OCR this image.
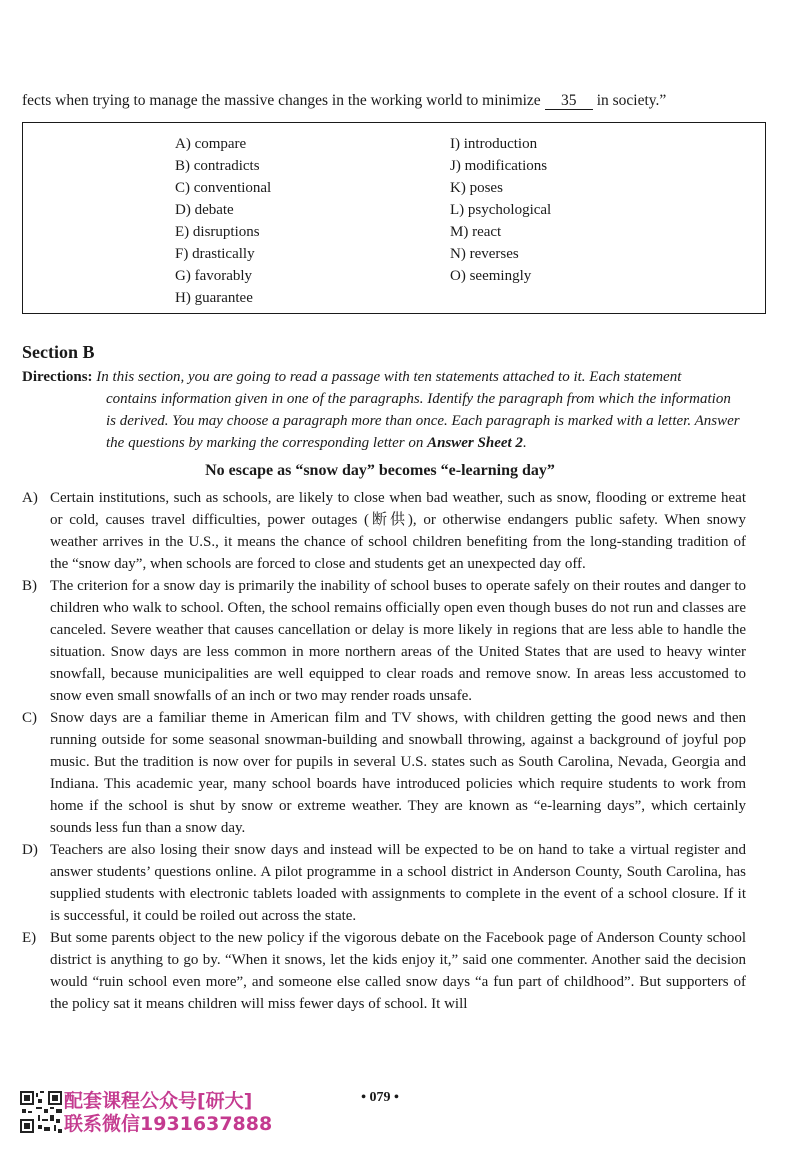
fects when trying to manage the massive changes in the working world to minimize 35 in society.”
A) compare
B) contradicts
C) conventional
D) debate
E) disruptions
F) drastically
G) favorably
H) guarantee
I) introduction
J) modifications
K) poses
L) psychological
M) react
N) reverses
O) seemingly
Section B
Directions: In this section, you are going to read a passage with ten statements attached to it. Each statement
contains information given in one of the paragraphs. Identify the paragraph from which the information is derived. You may choose a paragraph more than once. Each paragraph is marked with a letter. Answer the questions by marking the corresponding letter on Answer Sheet 2.
No escape as “snow day” becomes “e-learning day”
A) Certain institutions, such as schools, are likely to close when bad weather, such as snow, flooding or extreme heat or cold, causes travel difficulties, power outages (断供), or otherwise endangers public safety. When snowy weather arrives in the U.S., it means the chance of school children benefiting from the long-standing tradition of the “snow day”, when schools are forced to close and students get an unexpected day off.
B) The criterion for a snow day is primarily the inability of school buses to operate safely on their routes and danger to children who walk to school. Often, the school remains officially open even though buses do not run and classes are canceled. Severe weather that causes cancellation or delay is more likely in regions that are less able to handle the situation. Snow days are less common in more northern areas of the United States that are used to heavy winter snowfall, because municipalities are well equipped to clear roads and remove snow. In areas less accustomed to snow even small snowfalls of an inch or two may render roads unsafe.
C) Snow days are a familiar theme in American film and TV shows, with children getting the good news and then running outside for some seasonal snowman-building and snowball throwing, against a background of joyful pop music. But the tradition is now over for pupils in several U.S. states such as South Carolina, Nevada, Georgia and Indiana. This academic year, many school boards have introduced policies which require students to work from home if the school is shut by snow or extreme weather. They are known as “e-learning days”, which certainly sounds less fun than a snow day.
D) Teachers are also losing their snow days and instead will be expected to be on hand to take a virtual register and answer students’ questions online. A pilot programme in a school district in Anderson County, South Carolina, has supplied students with electronic tablets loaded with assignments to complete in the event of a school closure. If it is successful, it could be roiled out across the state.
E) But some parents object to the new policy if the vigorous debate on the Facebook page of Anderson County school district is anything to go by. “When it snows, let the kids enjoy it,” said one commenter. Another said the decision would “ruin school even more”, and someone else called snow days “a fun part of childhood”. But supporters of the policy sat it means children will miss fewer days of school. It will
• 079 •
配套课程公众号[研大]
联系微信1931637888
